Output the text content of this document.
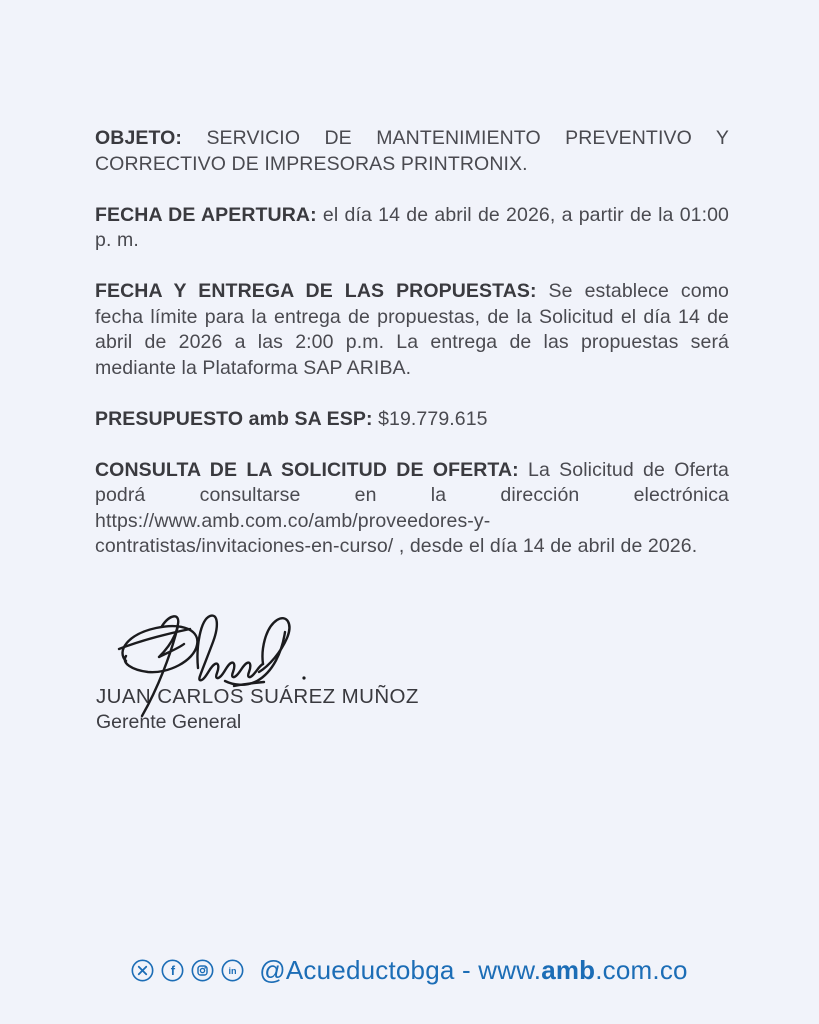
OBJETO: SERVICIO DE MANTENIMIENTO PREVENTIVO Y CORRECTIVO DE IMPRESORAS PRINTRONIX.

FECHA DE APERTURA: el día 14 de abril de 2026, a partir de la 01:00 p. m.

FECHA Y ENTREGA DE LAS PROPUESTAS: Se establece como fecha límite para la entrega de propuestas, de la Solicitud el día 14 de abril de 2026 a las 2:00 p.m. La entrega de las propuestas será mediante la Plataforma SAP ARIBA.

PRESUPUESTO amb SA ESP: $19.779.615

CONSULTA DE LA SOLICITUD DE OFERTA: La Solicitud de Oferta podrá consultarse en la dirección electrónica https://www.amb.com.co/amb/proveedores-y-contratistas/invitaciones-en-curso/ , desde el día 14 de abril de 2026.

JUAN CARLOS SUÁREZ MUÑOZ
Gerente General
f	in @Acueductobga - www.amb.com.co
